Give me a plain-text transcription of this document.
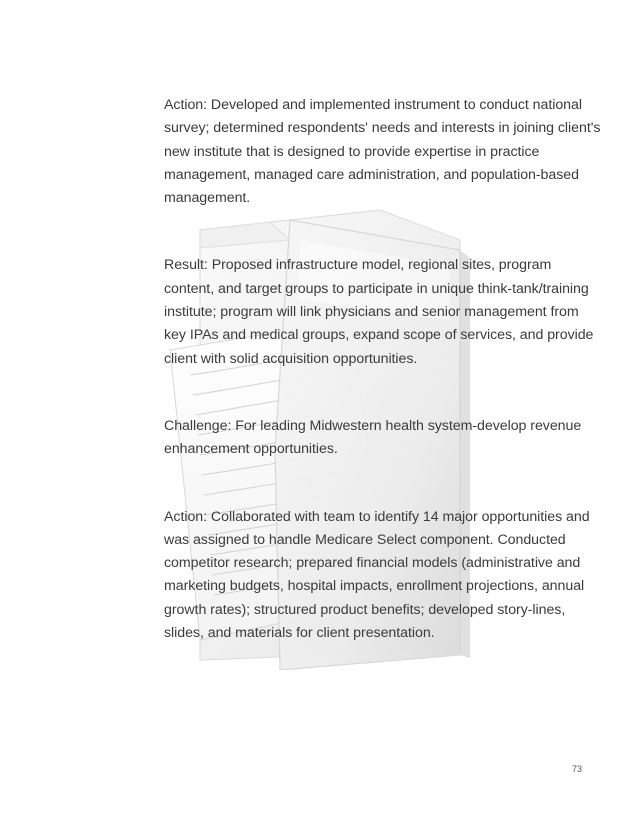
Action: Developed and implemented instrument to conduct national survey; determined respondents' needs and interests in joining client's new institute that is designed to provide expertise in practice management, managed care administration, and population-based management.

Result: Proposed infrastructure model, regional sites, program content, and target groups to participate in unique think-tank/training institute; program will link physicians and senior management from key IPAs and medical groups, expand scope of services, and provide client with solid acquisition opportunities.

Challenge: For leading Midwestern health system-develop revenue enhancement opportunities.

Action: Collaborated with team to identify 14 major opportunities and was assigned to handle Medicare Select component. Conducted competitor research; prepared financial models (administrative and marketing budgets, hospital impacts, enrollment projections, annual growth rates); structured product benefits; developed story-lines, slides, and materials for client presentation.

73
